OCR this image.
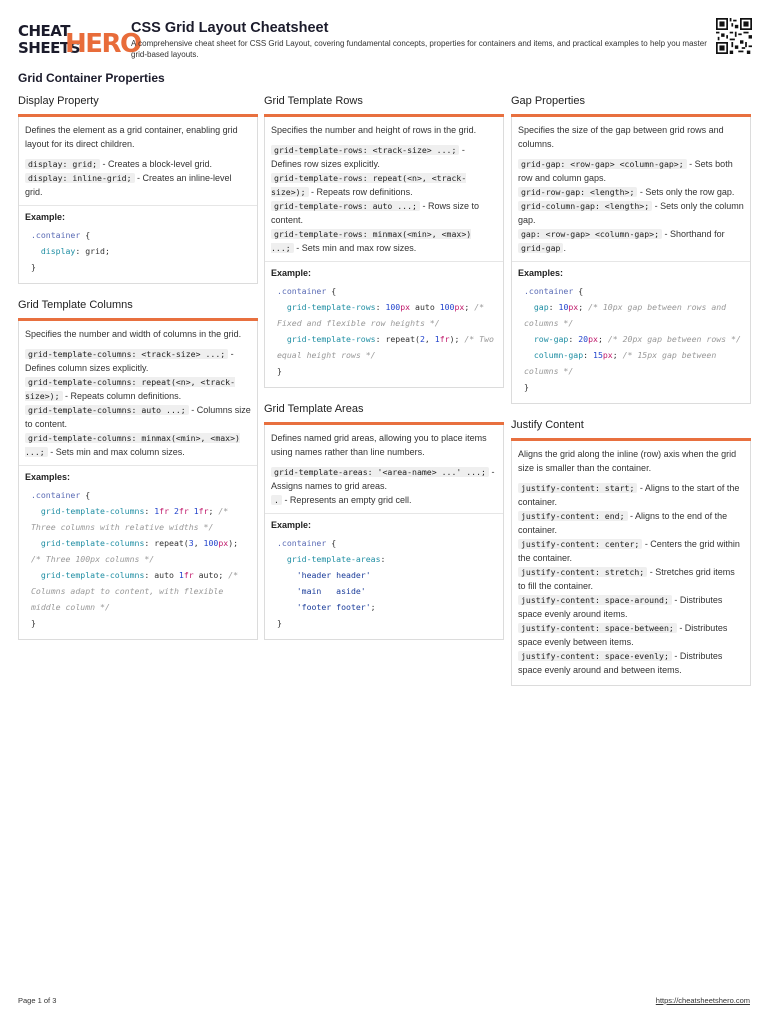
CHEAT
SHEETS
HERO
CSS Grid Layout Cheatsheet
A comprehensive cheat sheet for CSS Grid Layout, covering fundamental concepts, properties for containers and items, and practical examples to help you master grid-based layouts.
Grid Container Properties
Display Property

Defines the element as a grid container, enabling grid layout for its direct children.

display: grid; - Creates a block-level grid.

display: inline-grid; - Creates an inline-level grid.

Example:
.container {
display: grid;
}
Grid Template Columns

Specifies the number and width of columns in the grid.

grid-template-columns: <track-size> ...; - Defines column sizes explicitly.

grid-template-columns: repeat(<n>, <track-size>); - Repeats column definitions.

grid-template-columns: auto ...; - Columns size to content.

grid-template-columns: minmax(<min>, <max>) ...; - Sets min and max column sizes.

Examples:
.container {
grid-template-columns: 1fr 2fr 1fr; /* Three columns with relative widths */
grid-template-columns: repeat(3, 100px); /* Three 100px columns */
grid-template-columns: auto 1fr auto; /* Columns adapt to content, with flexible middle column */
}
Grid Template Rows

Specifies the number and height of rows in the grid.

grid-template-rows: <track-size> ...; - Defines row sizes explicitly.

grid-template-rows: repeat(<n>, <track-size>); - Repeats row definitions.

grid-template-rows: auto ...; - Rows size to content.

grid-template-rows: minmax(<min>, <max>) ...; - Sets min and max row sizes.

Example:
.container {
grid-template-rows: 100px auto 100px; /* Fixed and flexible row heights */
grid-template-rows: repeat(2, 1fr); /* Two equal height rows */
}
Grid Template Areas

Defines named grid areas, allowing you to place items using names rather than line numbers.

grid-template-areas: '<area-name> ...' ...; - Assigns names to grid areas.

. - Represents an empty grid cell.

Example:
.container {
grid-template-areas:
'header header'
'main   aside'
'footer footer';
}
Gap Properties

Specifies the size of the gap between grid rows and columns.

grid-gap: <row-gap> <column-gap>; - Sets both row and column gaps.

grid-row-gap: <length>; - Sets only the row gap.

grid-column-gap: <length>; - Sets only the column gap.

gap: <row-gap> <column-gap>; - Shorthand for grid-gap .

Examples:
.container {
gap: 10px; /* 10px gap between rows and columns */
row-gap: 20px; /* 20px gap between rows */
column-gap: 15px; /* 15px gap between columns */
}
Justify Content

Aligns the grid along the inline (row) axis when the grid size is smaller than the container.

justify-content: start; - Aligns to the start of the container.

justify-content: end; - Aligns to the end of the container.

justify-content: center; - Centers the grid within the container.

justify-content: stretch; - Stretches grid items to fill the container.

justify-content: space-around; - Distributes space evenly around items.

justify-content: space-between; - Distributes space evenly between items.

justify-content: space-evenly; - Distributes space evenly around and between items.

Page 1 of 3	https://cheatsheetshero.com
